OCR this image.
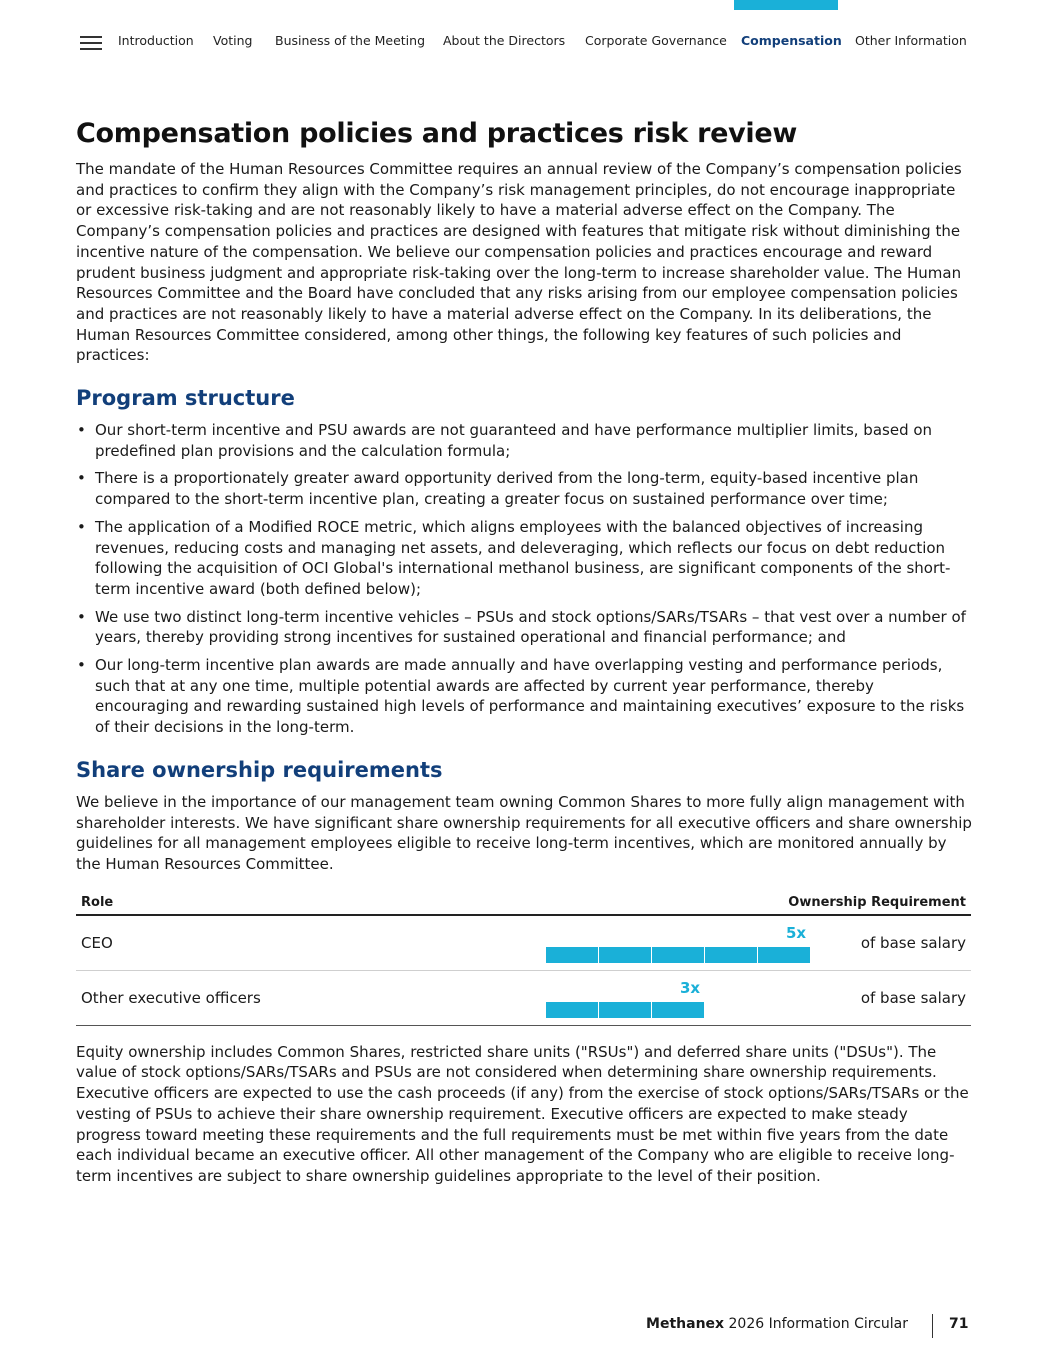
Introduction Voting Business of the Meeting About the Directors Corporate Governance Compensation Other Information
Compensation policies and practices risk review

The mandate of the Human Resources Committee requires an annual review of the Company’s compensation policies and practices to confirm they align with the Company’s risk management principles, do not encourage inappropriate or excessive risk-taking and are not reasonably likely to have a material adverse effect on the Company. The Company’s compensation policies and practices are designed with features that mitigate risk without diminishing the incentive nature of the compensation. We believe our compensation policies and practices encourage and reward prudent business judgment and appropriate risk-taking over the long-term to increase shareholder value. The Human Resources Committee and the Board have concluded that any risks arising from our employee compensation policies and practices are not reasonably likely to have a material adverse effect on the Company. In its deliberations, the Human Resources Committee considered, among other things, the following key features of such policies and practices:

Program structure
• Our short-term incentive and PSU awards are not guaranteed and have performance multiplier limits, based on predefined plan provisions and the calculation formula;
• There is a proportionately greater award opportunity derived from the long-term, equity-based incentive plan compared to the short-term incentive plan, creating a greater focus on sustained performance over time;
• The application of a Modified ROCE metric, which aligns employees with the balanced objectives of increasing revenues, reducing costs and managing net assets, and deleveraging, which reflects our focus on debt reduction following the acquisition of OCI Global's international methanol business, are significant components of the short-term incentive award (both defined below);
• We use two distinct long-term incentive vehicles – PSUs and stock options/SARs/TSARs – that vest over a number of years, thereby providing strong incentives for sustained operational and financial performance; and
• Our long-term incentive plan awards are made annually and have overlapping vesting and performance periods, such that at any one time, multiple potential awards are affected by current year performance, thereby encouraging and rewarding sustained high levels of performance and maintaining executives’ exposure to the risks of their decisions in the long-term.
Share ownership requirements

We believe in the importance of our management team owning Common Shares to more fully align management with shareholder interests. We have significant share ownership requirements for all executive officers and share ownership guidelines for all management employees eligible to receive long-term incentives, which are monitored annually by the Human Resources Committee.

Role	Ownership Requirement	
CEO	5x	of base salary
Other executive officers	3x	of base salary

Equity ownership includes Common Shares, restricted share units ("RSUs") and deferred share units ("DSUs"). The value of stock options/SARs/TSARs and PSUs are not considered when determining share ownership requirements. Executive officers are expected to use the cash proceeds (if any) from the exercise of stock options/SARs/TSARs or the vesting of PSUs to achieve their share ownership requirement. Executive officers are expected to make steady progress toward meeting these requirements and the full requirements must be met within five years from the date each individual became an executive officer. All other management of the Company who are eligible to receive long-term incentives are subject to share ownership guidelines appropriate to the level of their position.

Methanex 2026 Information Circular	71
